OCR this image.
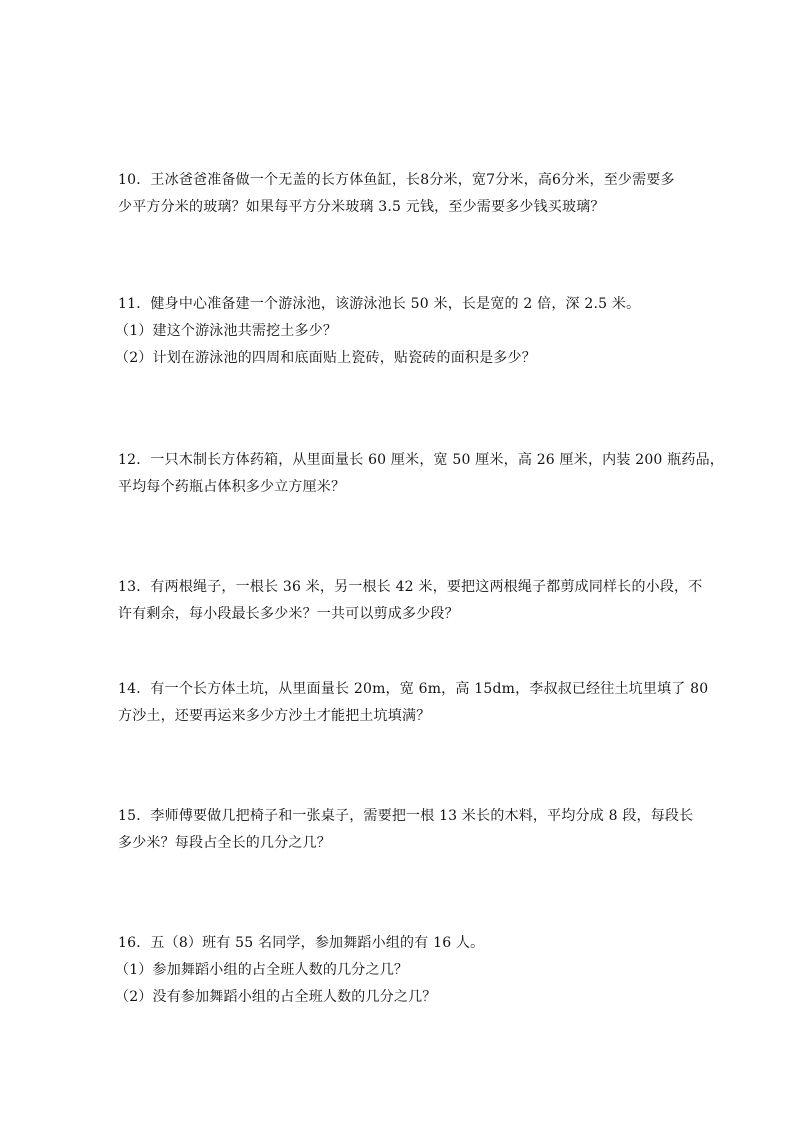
10．王冰爸爸准备做一个无盖的长方体鱼缸，长8分米，宽7分米，高6分米，至少需要多
少平方分米的玻璃？如果每平方分米玻璃 3.5 元钱，至少需要多少钱买玻璃？
11．健身中心准备建一个游泳池，该游泳池长 50 米，长是宽的 2 倍，深 2.5 米。
（1）建这个游泳池共需挖土多少？
（2）计划在游泳池的四周和底面贴上瓷砖，贴瓷砖的面积是多少？
12．一只木制长方体药箱，从里面量长 60 厘米，宽 50 厘米，高 26 厘米，内装 200 瓶药品，
平均每个药瓶占体积多少立方厘米？
13．有两根绳子，一根长 36 米，另一根长 42 米，要把这两根绳子都剪成同样长的小段，不
许有剩余，每小段最长多少米？一共可以剪成多少段？
14．有一个长方体土坑，从里面量长 20m，宽 6m，高 15dm，李叔叔已经往土坑里填了 80
方沙土，还要再运来多少方沙土才能把土坑填满？
15．李师傅要做几把椅子和一张桌子，需要把一根 13 米长的木料，平均分成 8 段，每段长
多少米？每段占全长的几分之几？
16．五（8）班有 55 名同学，参加舞蹈小组的有 16 人。
（1）参加舞蹈小组的占全班人数的几分之几？
（2）没有参加舞蹈小组的占全班人数的几分之几？
